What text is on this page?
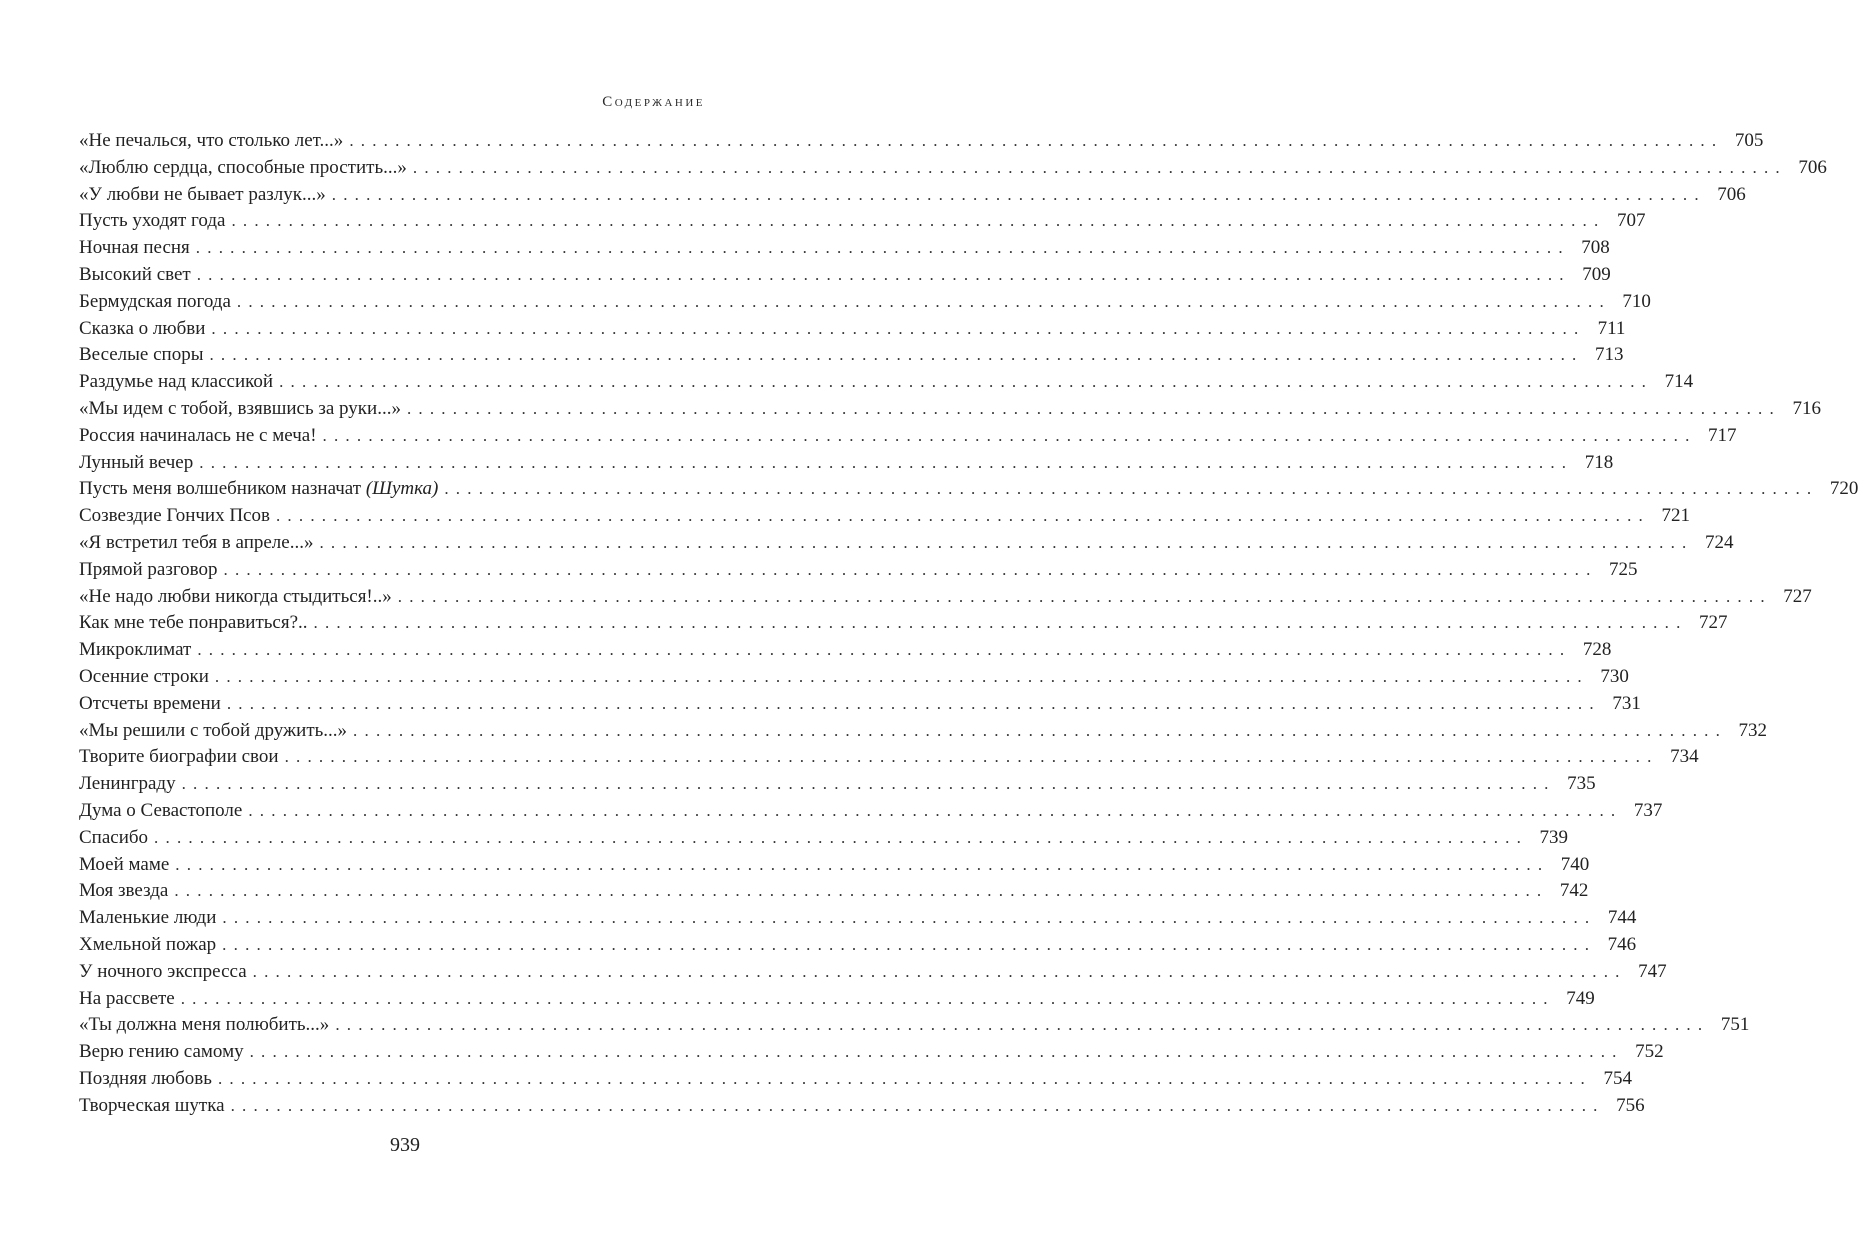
Содержание
«Не печалься, что столько лет...» ........................................................................................................................ 705
«Люблю сердца, способные простить...» ........................................................................................................................ 706
«У любви не бывает разлук...» ........................................................................................................................ 706
Пусть уходят года ........................................................................................................................ 707
Ночная песня ........................................................................................................................ 708
Высокий свет ........................................................................................................................ 709
Бермудская погода ........................................................................................................................ 710
Сказка о любви ........................................................................................................................ 711
Веселые споры ........................................................................................................................ 713
Раздумье над классикой ........................................................................................................................ 714
«Мы идем с тобой, взявшись за руки...» ........................................................................................................................ 716
Россия начиналась не с меча! ........................................................................................................................ 717
Лунный вечер ........................................................................................................................ 718
Пусть меня волшебником назначат (Шутка) ........................................................................................................................ 720
Созвездие Гончих Псов ........................................................................................................................ 721
«Я встретил тебя в апреле...» ........................................................................................................................ 724
Прямой разговор ........................................................................................................................ 725
«Не надо любви никогда стыдиться!..» ........................................................................................................................ 727
Как мне тебе понравиться?.. ........................................................................................................................ 727
Микроклимат ........................................................................................................................ 728
Осенние строки ........................................................................................................................ 730
Отсчеты времени ........................................................................................................................ 731
«Мы решили с тобой дружить...» ........................................................................................................................ 732
Творите биографии свои ........................................................................................................................ 734
Ленинграду ........................................................................................................................ 735
Дума о Севастополе ........................................................................................................................ 737
Спасибо ........................................................................................................................ 739
Моей маме ........................................................................................................................ 740
Моя звезда ........................................................................................................................ 742
Маленькие люди ........................................................................................................................ 744
Хмельной пожар ........................................................................................................................ 746
У ночного экспресса ........................................................................................................................ 747
На рассвете ........................................................................................................................ 749
«Ты должна меня полюбить...» ........................................................................................................................ 751
Верю гению самому ........................................................................................................................ 752
Поздняя любовь ........................................................................................................................ 754
Творческая шутка ........................................................................................................................ 756
939
